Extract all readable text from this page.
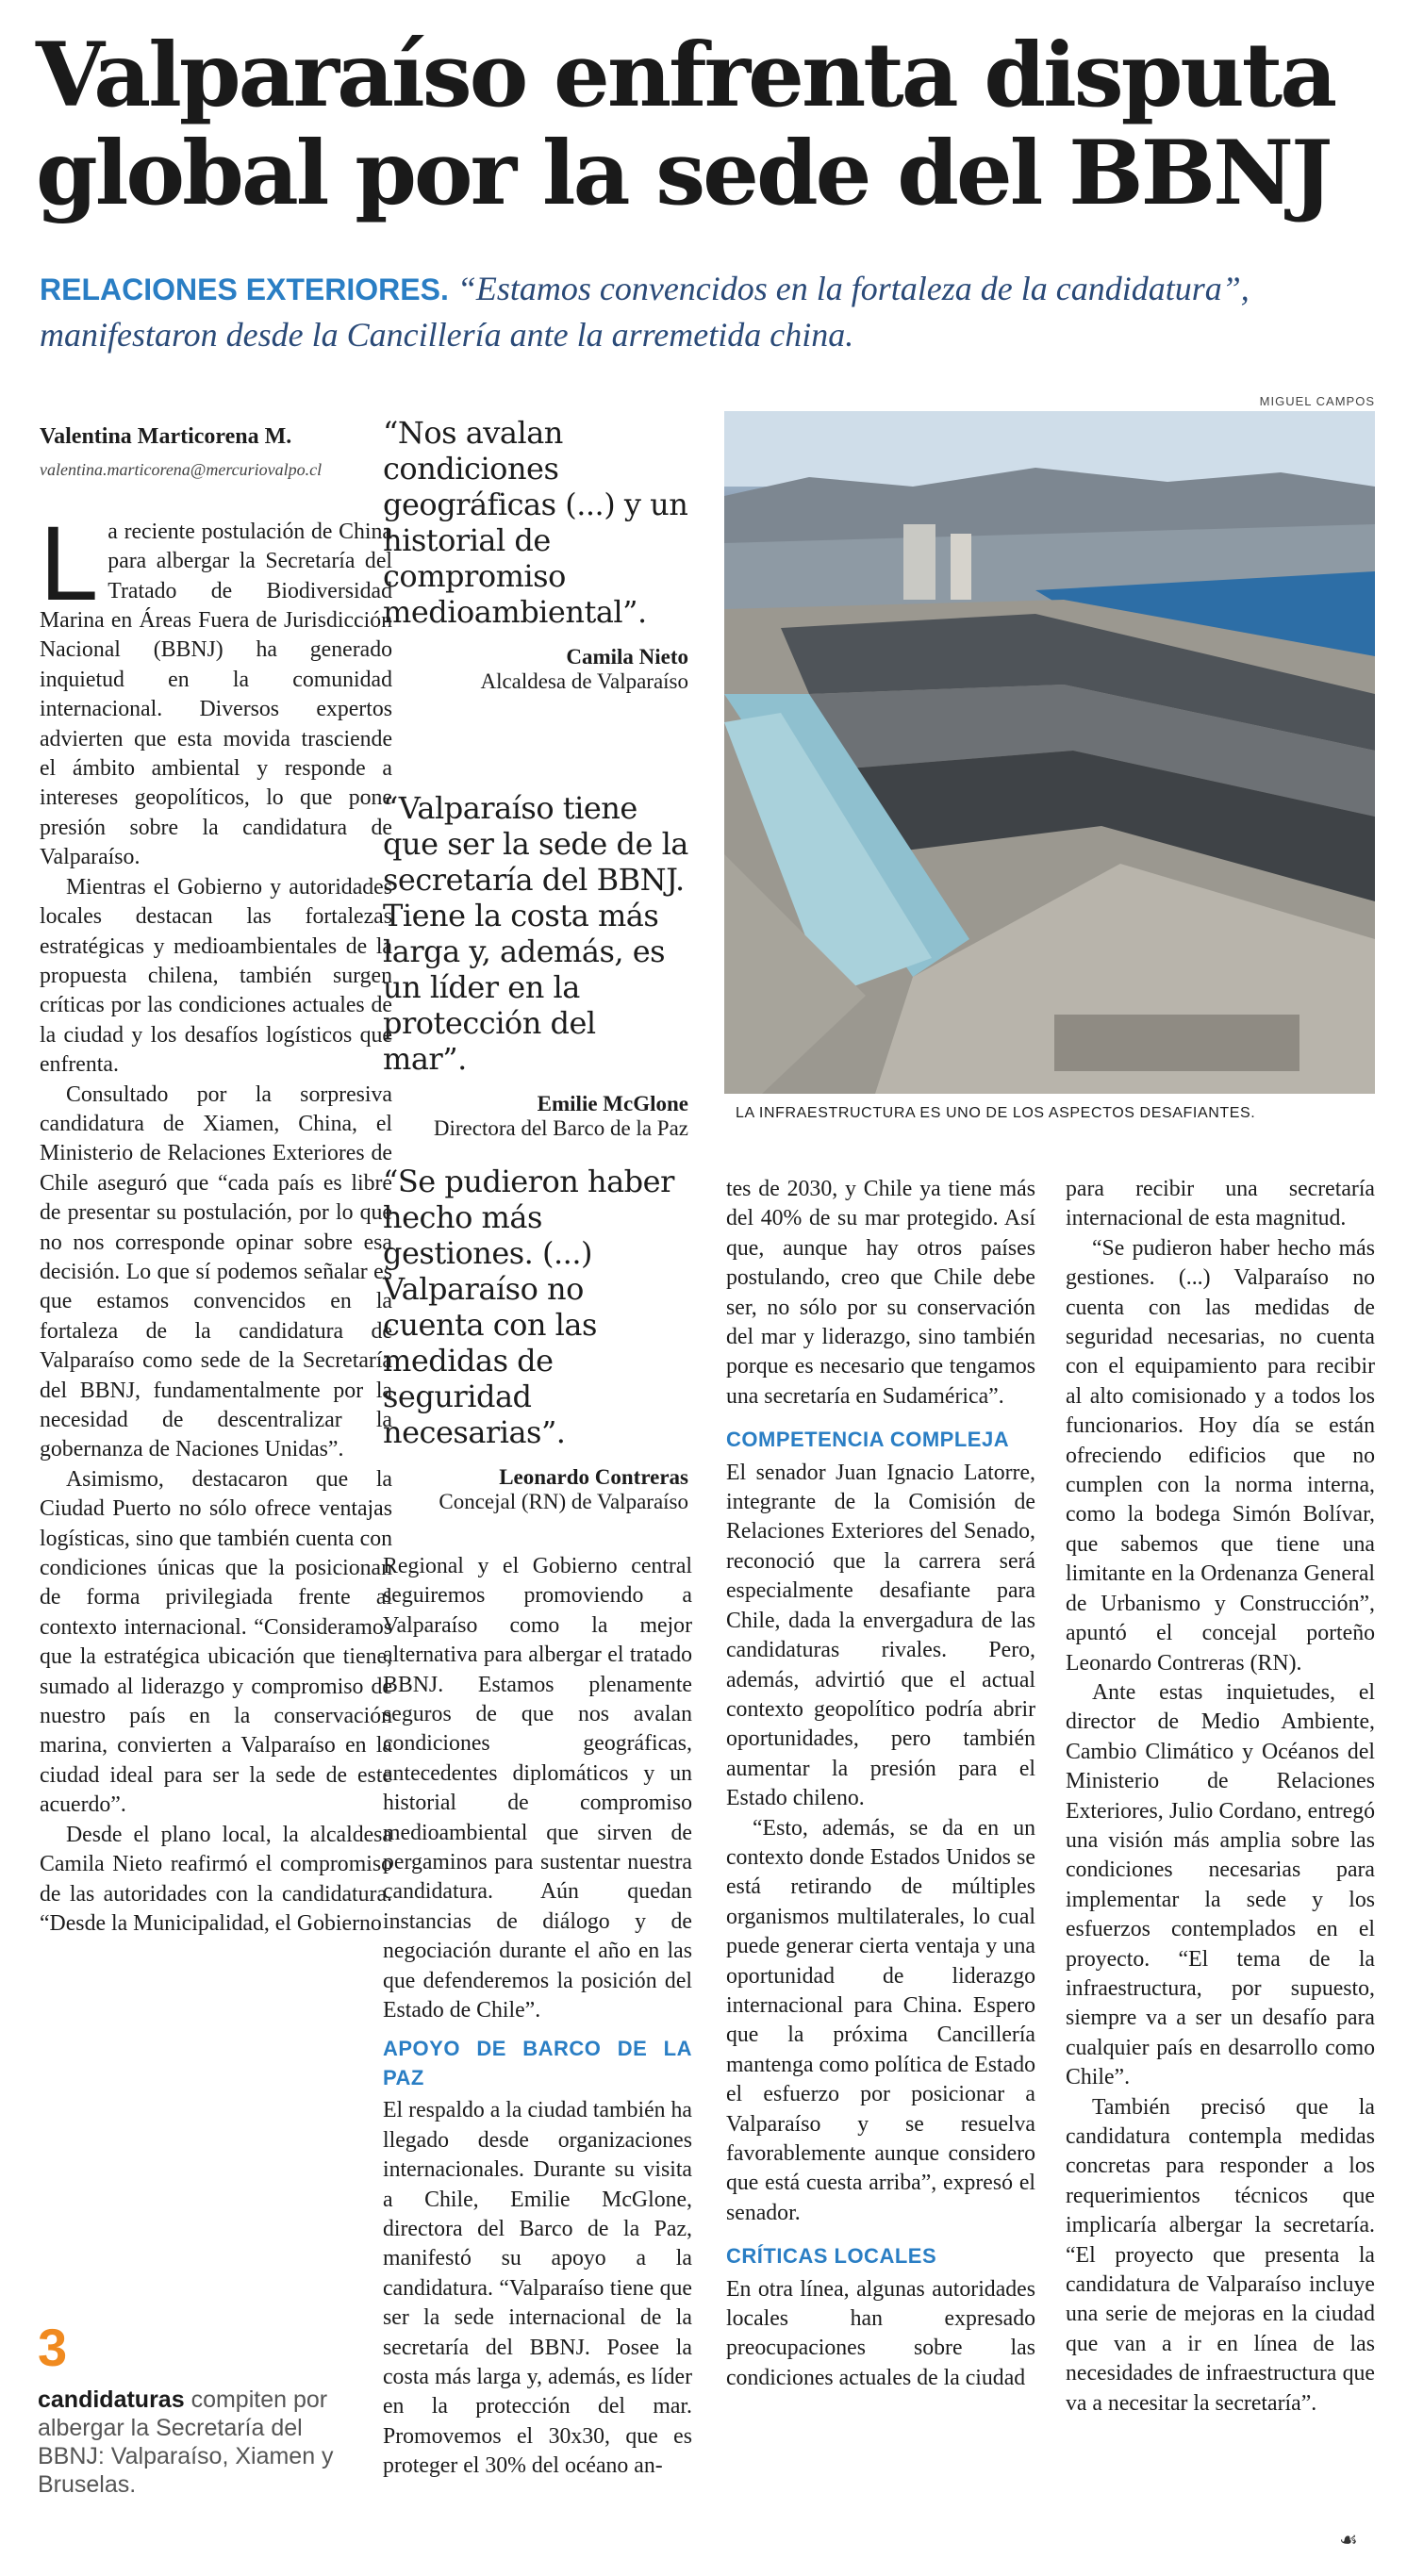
Valparaíso enfrenta disputa global por la sede del BBNJ
RELACIONES EXTERIORES. “Estamos convencidos en la fortaleza de la candidatura”, manifestaron desde la Cancillería ante la arremetida china.
Valentina Marticorena M.
valentina.marticorena@mercuriovalpo.cl

La reciente postulación de China para albergar la Secretaría del Tratado de Biodiversidad Marina en Áreas Fuera de Jurisdicción Nacional (BBNJ) ha generado inquietud en la comunidad internacional. Diversos expertos advierten que esta movida trasciende el ámbito ambiental y responde a intereses geopolíticos, lo que pone presión sobre la candidatura de Valparaíso.

Mientras el Gobierno y autoridades locales destacan las fortalezas estratégicas y medioambientales de la propuesta chilena, también surgen críticas por las condiciones actuales de la ciudad y los desafíos logísticos que enfrenta.

Consultado por la sorpresiva candidatura de Xiamen, China, el Ministerio de Relaciones Exteriores de Chile aseguró que “cada país es libre de presentar su postulación, por lo que no nos corresponde opinar sobre esa decisión. Lo que sí podemos señalar es que estamos convencidos en la fortaleza de la candidatura de Valparaíso como sede de la Secretaría del BBNJ, fundamentalmente por la necesidad de descentralizar la gobernanza de Naciones Unidas”.

Asimismo, destacaron que la Ciudad Puerto no sólo ofrece ventajas logísticas, sino que también cuenta con condiciones únicas que la posicionan de forma privilegiada frente al contexto internacional. “Consideramos que la estratégica ubicación que tiene, sumado al liderazgo y compromiso de nuestro país en la conservación marina, convierten a Valparaíso en la ciudad ideal para ser la sede de este acuerdo”.

Desde el plano local, la alcaldesa Camila Nieto reafirmó el compromiso de las autoridades con la candidatura. “Desde la Municipalidad, el Gobierno

“Nos avalan condiciones geográficas (...) y un historial de compromiso medioambiental”.
Camila Nieto
Alcaldesa de Valparaíso
“Valparaíso tiene que ser la sede de la secretaría del BBNJ. Tiene la costa más larga y, además, es un líder en la protección del mar”.
Emilie McGlone
Directora del Barco de la Paz
“Se pudieron haber hecho más gestiones. (...) Valparaíso no cuenta con las medidas de seguridad necesarias”.
Leonardo Contreras
Concejal (RN) de Valparaíso

Regional y el Gobierno central seguiremos promoviendo a Valparaíso como la mejor alternativa para albergar el tratado BBNJ. Estamos plenamente seguros de que nos avalan condiciones geográficas, antecedentes diplomáticos y un historial de compromiso medioambiental que sirven de pergaminos para sustentar nuestra candidatura. Aún quedan instancias de diálogo y de negociación durante el año en las que defenderemos la posición del Estado de Chile”.

APOYO DE BARCO DE LA PAZ

El respaldo a la ciudad también ha llegado desde organizaciones internacionales. Durante su visita a Chile, Emilie McGlone, directora del Barco de la Paz, manifestó su apoyo a la candidatura. “Valparaíso tiene que ser la sede internacional de la secretaría del BBNJ. Posee la costa más larga y, además, es líder en la protección del mar. Promovemos el 30x30, que es proteger el 30% del océano an-

MIGUEL CAMPOS
LA INFRAESTRUCTURA ES UNO DE LOS ASPECTOS DESAFIANTES.

tes de 2030, y Chile ya tiene más del 40% de su mar protegido. Así que, aunque hay otros países postulando, creo que Chile debe ser, no sólo por su conservación del mar y liderazgo, sino también porque es necesario que tengamos una secretaría en Sudamérica”.

COMPETENCIA COMPLEJA

El senador Juan Ignacio Latorre, integrante de la Comisión de Relaciones Exteriores del Senado, reconoció que la carrera será especialmente desafiante para Chile, dada la envergadura de las candidaturas rivales. Pero, además, advirtió que el actual contexto geopolítico podría abrir oportunidades, pero también aumentar la presión para el Estado chileno.

“Esto, además, se da en un contexto donde Estados Unidos se está retirando de múltiples organismos multilaterales, lo cual puede generar cierta ventaja y una oportunidad de liderazgo internacional para China. Espero que la próxima Cancillería mantenga como política de Estado el esfuerzo por posicionar a Valparaíso y se resuelva favorablemente aunque considero que está cuesta arriba”, expresó el senador.

CRÍTICAS LOCALES

En otra línea, algunas autoridades locales han expresado preocupaciones sobre las condiciones actuales de la ciudad

para recibir una secretaría internacional de esta magnitud.

“Se pudieron haber hecho más gestiones. (...) Valparaíso no cuenta con las medidas de seguridad necesarias, no cuenta con el equipamiento para recibir al alto comisionado y a todos los funcionarios. Hoy día se están ofreciendo edificios que no cumplen con la norma interna, como la bodega Simón Bolívar, que sabemos que tiene una limitante en la Ordenanza General de Urbanismo y Construcción”, apuntó el concejal porteño Leonardo Contreras (RN).

Ante estas inquietudes, el director de Medio Ambiente, Cambio Climático y Océanos del Ministerio de Relaciones Exteriores, Julio Cordano, entregó una visión más amplia sobre las condiciones necesarias para implementar la sede y los esfuerzos contemplados en el proyecto. “El tema de la infraestructura, por supuesto, siempre va a ser un desafío para cualquier país en desarrollo como Chile”.

También precisó que la candidatura contempla medidas concretas para responder a los requerimientos técnicos que implicaría albergar la secretaría. “El proyecto que presenta la candidatura de Valparaíso incluye una serie de mejoras en la ciudad que van a ir en línea de las necesidades de infraestructura que va a necesitar la secretaría”.

3
candidaturas compiten por albergar la Secretaría del BBNJ: Valparaíso, Xiamen y Bruselas.
☙
